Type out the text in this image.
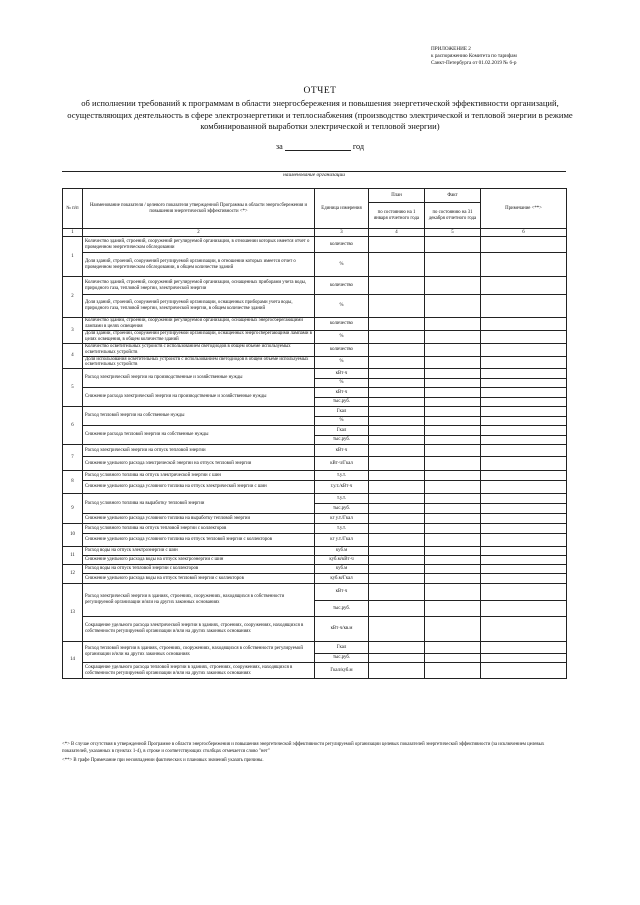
ПРИЛОЖЕНИЕ 2
к распоряжению Комитета по тарифам
Санкт-Петербурга от 01.02.2019 № 6-р
ОТЧЕТ
об исполнении требований к программам в области энергосбережения и повышения энергетической эффективности организаций, осуществляющих деятельность в сфере электроэнергетики и теплоснабжения (производство электрической и тепловой энергии в режиме комбинированной выработки электрической и тепловой энергии)
за	год
наименование организации
№ п/п	Наименование показателя / целевого показателя утвержденной Программы в области энергосбережения и повышения энергетической эффективности <*>	Единица измерения	План	Факт	Примечание <**>
			по состоянию на 1 января отчетного года	по состоянию на 31 декабря отчетного года	
1	2	3	4	5	6
1	Количество зданий, строений, сооружений регулируемой организации, в отношении которых имеется отчет о проведенном энергетическом обследовании	количество			
	Доля зданий, строений, сооружений регулируемой организации, в отношении которых имеется отчет о проведенном энергетическом обследовании, в общем количестве зданий	%			
2	Количество зданий, строений, сооружений регулируемой организации, оснащенных приборами учета воды, природного газа, тепловой энергии, электрической энергии	количество			
	Доля зданий, строений, сооружений регулируемой организации, оснащенных приборами учета воды, природного газа, тепловой энергии, электрической энергии, в общем количестве зданий	%			
3	Количество зданий, строений, сооружений регулируемой организации, оснащенных энергосберегающими лампами в целях освещения	количество			
	Доля зданий, строений, сооружений регулируемой организации, оснащенных энергосберегающими лампами в целях освещения, в общем количестве зданий	%			
4	Количество осветительных устройств с использованием светодиодов в общем объеме используемых осветительных устройств	количество			
	Доля использования осветительных устройств с использованием светодиодов в общем объеме используемых осветительных устройств	%			
5	Расход электрической энергии на производственные и хозяйственные нужды	кВт·ч			
		%			
	Снижение расхода электрической энергии на производственные и хозяйственные нужды	кВт·ч			
		тыс.руб.			
6	Расход тепловой энергии на собственные нужды	Гкал			
		%			
	Снижение расхода тепловой энергии на собственные нужды	Гкал			
		тыс.руб.			
7	Расход электрической энергии на отпуск тепловой энергии	кВт·ч			
	Снижение удельного расхода электрической энергии на отпуск тепловой энергии	кВт·ч/Гкал			
8	Расход условного топлива на отпуск электрической энергии с шин	т.у.т.			
	Снижение удельного расхода условного топлива на отпуск электрической энергии с шин	г.у.т./кВт·ч			
9	Расход условного топлива на выработку тепловой энергии	т.у.т.			
		тыс.руб.			
	Снижение удельного расхода условного топлива на выработку тепловой энергии	кг у.т./Гкал			
10	Расход условного топлива на отпуск тепловой энергии с коллекторов	т.у.т.			
	Снижение удельного расхода условного топлива на отпуск тепловой энергии с коллекторов	кг у.т./Гкал			
11	Расход воды на отпуск электроэнергии с шин	куб.м			
	Снижение удельного расхода воды на отпуск электроэнергии с шин	куб.м/кВт·ч			
12	Расход воды на отпуск тепловой энергии с коллекторов	куб.м			
	Снижение удельного расхода воды на отпуск тепловой энергии с коллекторов	куб.м/Гкал			
13	Расход электрической энергии в зданиях, строениях, сооружениях, находящихся в собственности регулируемой организации и/или на других законных основаниях	кВт·ч			
		тыс.руб.			
	Сокращение удельного расхода электрической энергии в зданиях, строениях, сооружениях, находящихся в собственности регулируемой организации и/или на других законных основаниях	кВт·ч/кв.м			
14	Расход тепловой энергии в зданиях, строениях, сооружениях, находящихся в собственности регулируемой организации и/или на других законных основаниях	Гкал			
		тыс.руб.			
	Сокращение удельного расхода тепловой энергии в зданиях, строениях, сооружениях, находящихся в собственности регулируемой организации и/или на других законных основаниях	Гкал/куб.м			

<*> В случае отсутствия в утвержденной Программе в области энергосбережения и повышения энергетической эффективности регулируемой организации целевых показателей энергетической эффективности (за исключением целевых показателей, указанных в пунктах 1-4), в строке и соответствующих столбцах отмечается слово "нет"

<**> В графе Примечание при несовпадении фактических и плановых значений указать причины.
